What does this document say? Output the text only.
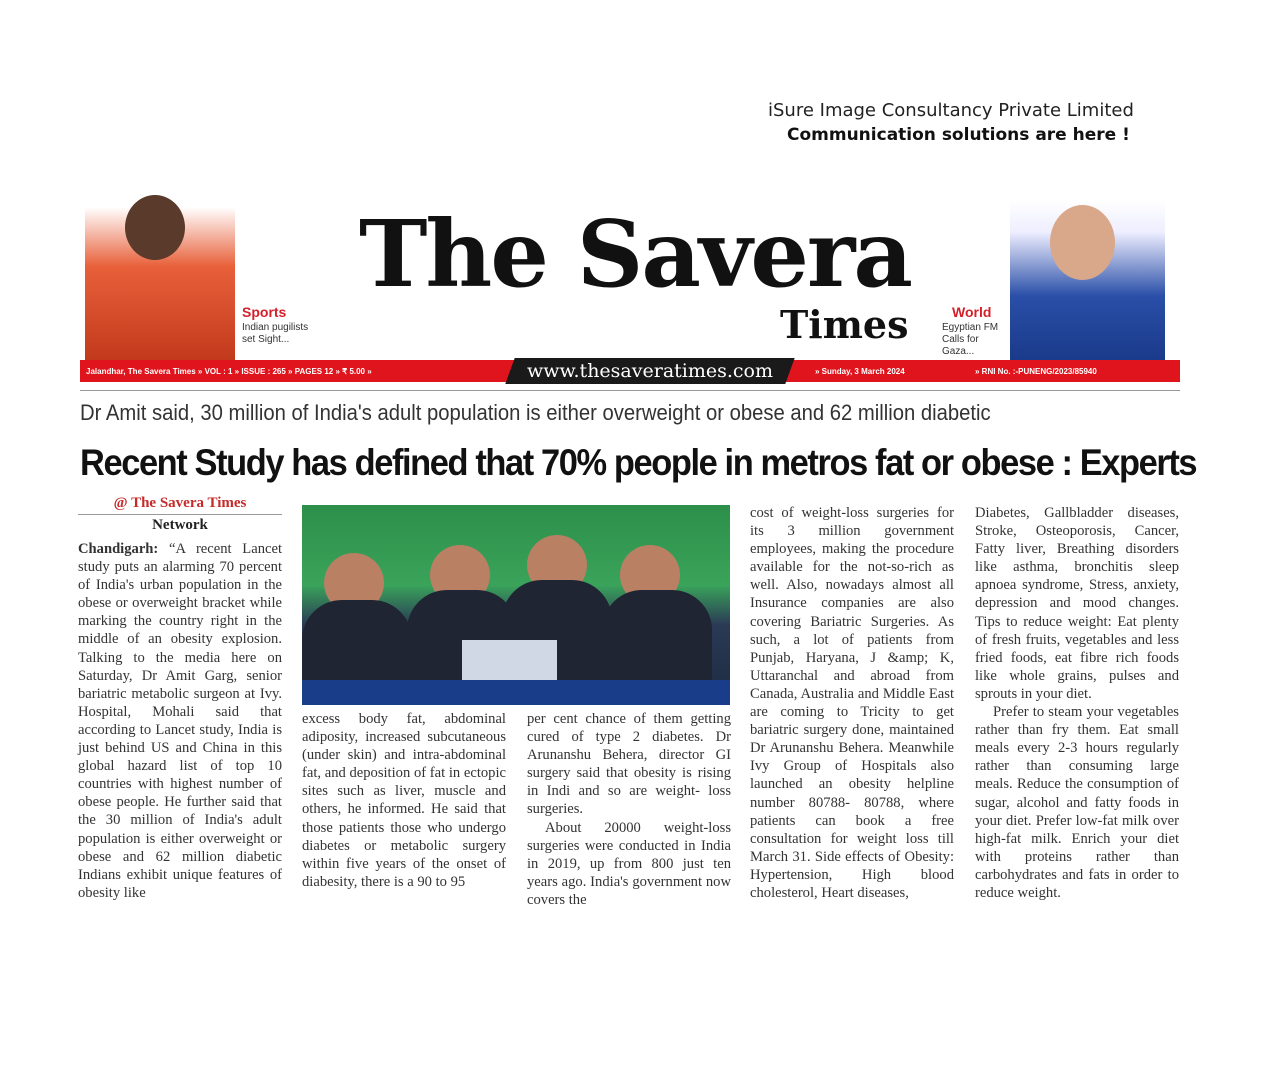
iSure Image Consultancy Private Limited
Communication solutions are here !
Sports
Indian pugilists set Sight...
The Savera
Times	World
Egyptian FM Calls for Gaza...
Jalandhar, The Savera Times » VOL : 1 » ISSUE : 265 » PAGES 12 » ₹ 5.00 »	www.thesaveratimes.com	» Sunday, 3 March 2024	» RNI No. :-PUNENG/2023/85940
Dr Amit said, 30 million of India's adult population is either overweight or obese and 62 million diabetic
Recent Study has defined that 70% people in metros fat or obese : Experts
@ The Savera Times
Network

Chandigarh: “A recent Lancet study puts an alarming 70 percent of India's urban population in the obese or overweight bracket while marking the country right in the middle of an obesity explosion. Talking to the media here on Saturday, Dr Amit Garg, senior bariatric metabolic surgeon at Ivy. Hospital, Mohali said that according to Lancet study, India is just behind US and China in this global hazard list of top 10 countries with highest number of obese people. He further said that the 30 million of India's adult population is either overweight or obese and 62 million diabetic Indians exhibit unique features of obesity like

excess body fat, abdominal adiposity, increased subcutaneous (under skin) and intra-abdominal fat, and deposition of fat in ectopic sites such as liver, muscle and others, he informed. He said that those patients those who undergo diabetes or metabolic surgery within five years of the onset of diabesity, there is a 90 to 95

per cent chance of them getting cured of type 2 diabetes. Dr Arunanshu Behera, director GI surgery said that obesity is rising in Indi and so are weight- loss surgeries.

About 20000 weight-loss surgeries were conducted in India in 2019, up from 800 just ten years ago. India's government now covers the

cost of weight-loss surgeries for its 3 million government employees, making the procedure available for the not-so-rich as well. Also, nowadays almost all Insurance companies are also covering Bariatric Surgeries. As such, a lot of patients from Punjab, Haryana, J &amp; K, Uttaranchal and abroad from Canada, Australia and Middle East are coming to Tricity to get bariatric surgery done, maintained Dr Arunanshu Behera. Meanwhile Ivy Group of Hospitals also launched an obesity helpline number 80788- 80788, where patients can book a free consultation for weight loss till March 31. Side effects of Obesity: Hypertension, High blood cholesterol, Heart diseases,

Diabetes, Gallbladder diseases, Stroke, Osteoporosis, Cancer, Fatty liver, Breathing disorders like asthma, bronchitis sleep apnoea syndrome, Stress, anxiety, depression and mood changes. Tips to reduce weight: Eat plenty of fresh fruits, vegetables and less fried foods, eat fibre rich foods like whole grains, pulses and sprouts in your diet.

Prefer to steam your vegetables rather than fry them. Eat small meals every 2-3 hours regularly rather than consuming large meals. Reduce the consumption of sugar, alcohol and fatty foods in your diet. Prefer low-fat milk over high-fat milk. Enrich your diet with proteins rather than carbohydrates and fats in order to reduce weight.
